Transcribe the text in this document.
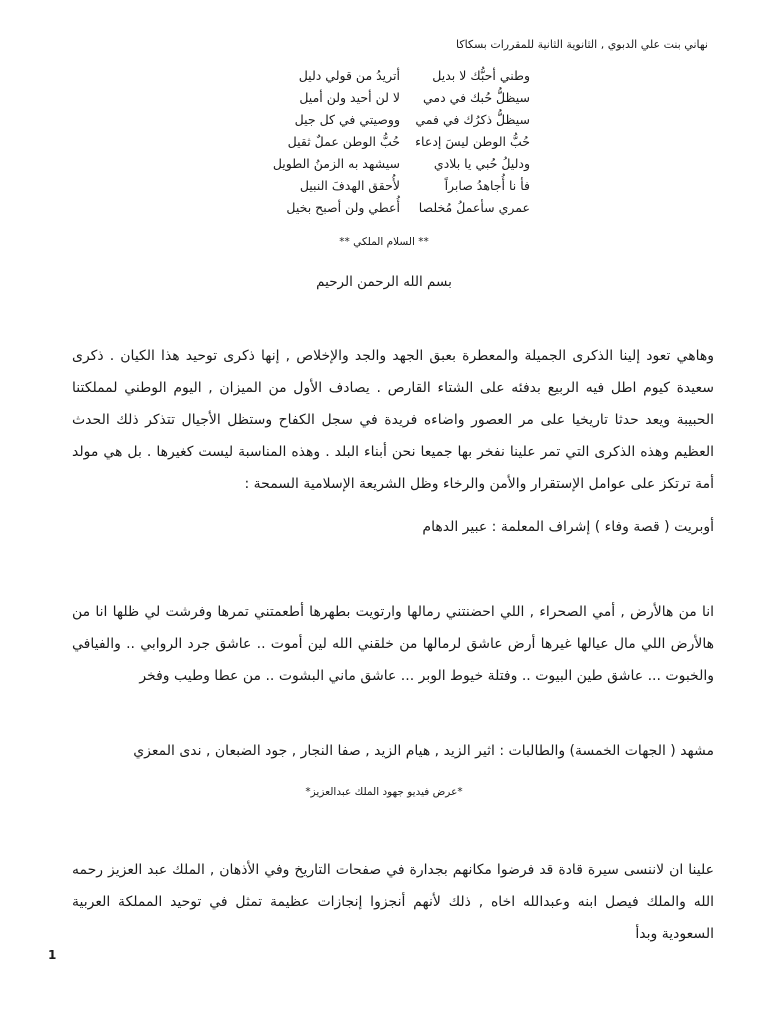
نهاني بنت علي الدبوي , الثانوية الثانية للمقررات بسكاكا
وطني أحبُّك لا بديل
أتريدُ من قولي دليل
سيظلُّ حُبك في دمي
لا لن أحيد ولن أميل
سيظلُّ ذكرُك في فمي
ووصيتي في كل جيل
حُبُّ الوطن ليسَ إدعاء
حُبُّ الوطن عملٌ ثقيل
ودليلُ حُبي يا بلادي
سيشهد به الزمنُ الطويل
فأ نا أُجاهدُ صابراً
لأُحقق الهدفَ النبيل
عمري سأعملُ مُخلصا
أُعطي ولن أصبح بخيل
** السلام الملكي **
بسم الله الرحمن الرحيم
وهاهي تعود إلينا الذكرى الجميلة والمعطرة بعبق الجهد والجد والإخلاص , إنها ذكرى توحيد هذا الكيان . ذكرى سعيدة كيوم اطل فيه الربيع بدفئه على الشتاء القارص . يصادف الأول من الميزان , اليوم الوطني لمملكتنا الحبيبة ويعد حدثا تاريخيا على مر العصور واضاءه فريدة في سجل الكفاح وستظل الأجيال تتذكر ذلك الحدث العظيم وهذه الذكرى التي تمر علينا نفخر بها جميعا نحن أبناء البلد . وهذه المناسبة ليست كغيرها . بل هي مولد أمة ترتكز على عوامل الإستقرار والأمن والرخاء وظل الشريعة الإسلامية السمحة :
أوبريت ( قصة وفاء ) إشراف المعلمة : عبير الدهام
انا من هالأرض , أمي الصحراء , اللي احضنتني رمالها وارتويت بطهرها أطعمتني تمرها وفرشت لي ظلها انا من هالأرض اللي مال عيالها غيرها أرض عاشق لرمالها من خلقني الله لين أموت .. عاشق جرد الروابي .. والفيافي والخبوت ... عاشق طين البيوت .. وفتلة خيوط الوبر ... عاشق ماني البشوت .. من عطا وطيب وفخر
مشهد ( الجهات الخمسة) والطالبات : اثير الزيد , هيام الزيد , صفا النجار , جود الضبعان , ندى المعزي
*عرض فيديو جهود الملك عبدالعزيز*
علينا ان لاننسى سيرة قادة قد فرضوا مكانهم بجدارة في صفحات التاريخ وفي الأذهان , الملك عبد العزيز رحمه الله والملك فيصل ابنه وعبدالله اخاه , ذلك لأنهم أنجزوا إنجازات عظيمة تمثل في توحيد المملكة العربية السعودية وبدأ
1
